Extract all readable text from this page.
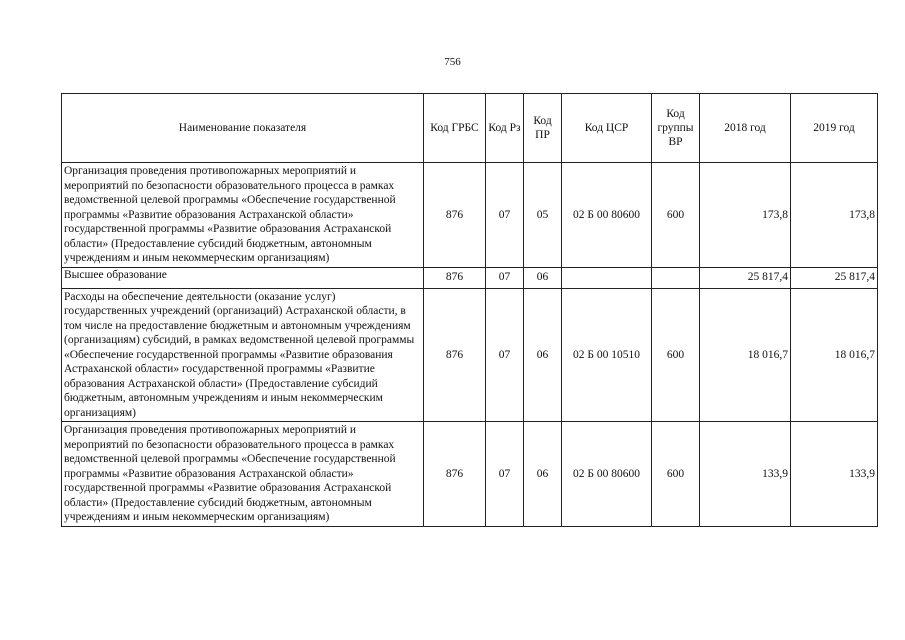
756
Наименование показателя	Код ГРБС	Код Рз	Код ПР	Код ЦСР	Код группы ВР	2018 год	2019 год
Организация проведения противопожарных мероприятий и мероприятий по безопасности образовательного процесса в рамках ведомственной целевой программы «Обеспечение государственной программы «Развитие образования Астраханской области» государственной программы «Развитие образования Астраханской области» (Предоставление субсидий бюджетным, автономным учреждениям и иным некоммерческим организациям)	876	07	05	02 Б 00 80600	600	173,8	173,8
Высшее образование	876	07	06			25 817,4	25 817,4
Расходы на обеспечение деятельности (оказание услуг) государственных учреждений (организаций) Астраханской области, в том числе на предоставление бюджетным и автономным учреждениям (организациям) субсидий, в рамках ведомственной целевой программы «Обеспечение государственной программы «Развитие образования Астраханской области» государственной программы «Развитие образования Астраханской области» (Предоставление субсидий бюджетным, автономным учреждениям и иным некоммерческим организациям)	876	07	06	02 Б 00 10510	600	18 016,7	18 016,7
Организация проведения противопожарных мероприятий и мероприятий по безопасности образовательного процесса в рамках ведомственной целевой программы «Обеспечение государственной программы «Развитие образования Астраханской области» государственной программы «Развитие образования Астраханской области» (Предоставление субсидий бюджетным, автономным учреждениям и иным некоммерческим организациям)	876	07	06	02 Б 00 80600	600	133,9	133,9
